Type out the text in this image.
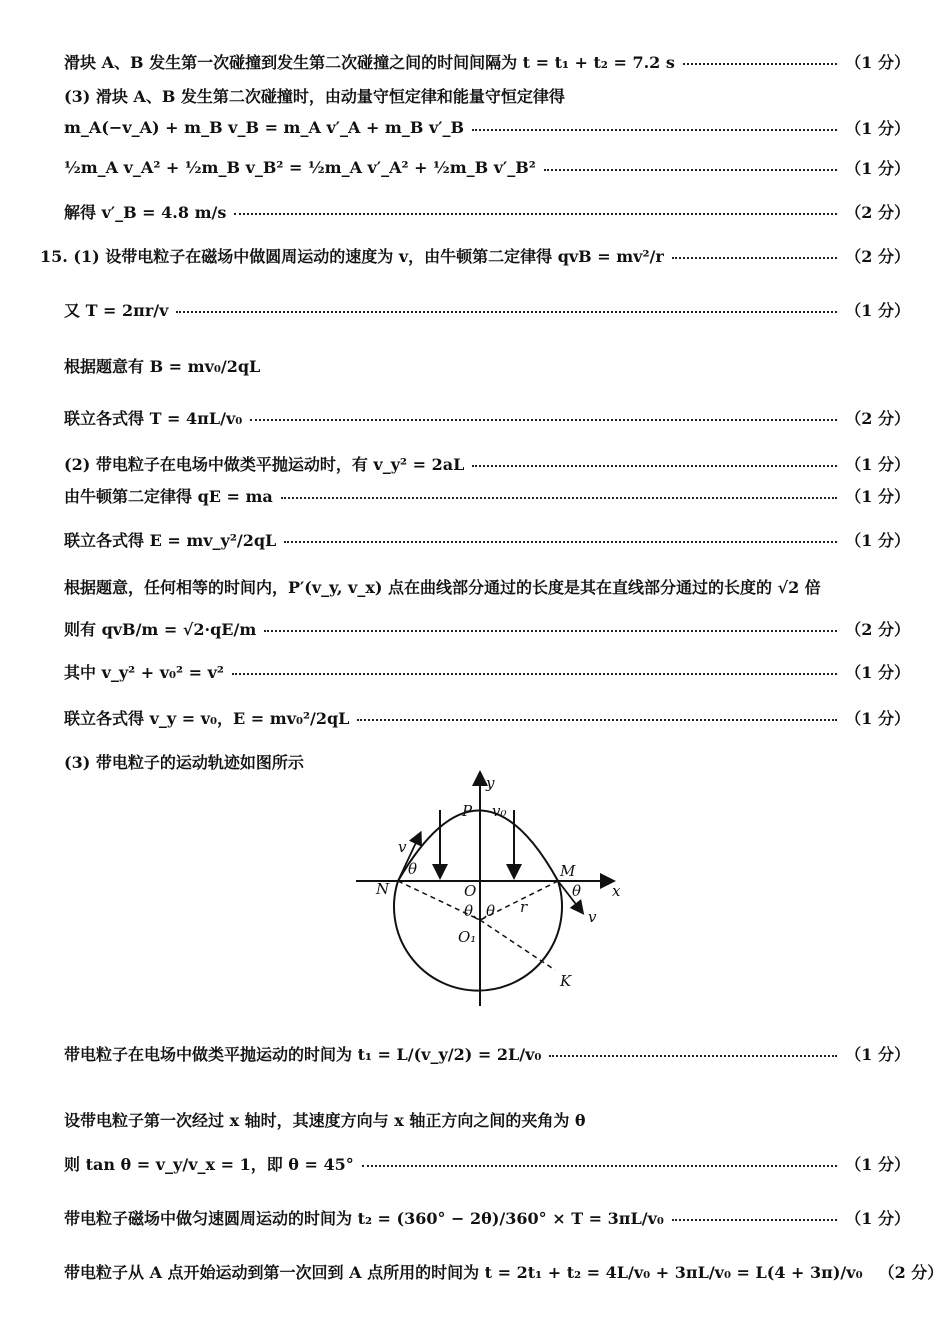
滑块 A、B 发生第一次碰撞到发生第二次碰撞之间的时间间隔为 t = t₁ + t₂ = 7.2 s	（1 分）
(3) 滑块 A、B 发生第二次碰撞时，由动量守恒定律和能量守恒定律得
m_A(−v_A) + m_B v_B = m_A v′_A + m_B v′_B	（1 分）
½m_A v_A² + ½m_B v_B² = ½m_A v′_A² + ½m_B v′_B²	（1 分）
解得 v′_B = 4.8 m/s	（2 分）
15. (1) 设带电粒子在磁场中做圆周运动的速度为 v，由牛顿第二定律得 qvB = mv²/r	（2 分）
又 T = 2πr/v	（1 分）
根据题意有 B = mv₀/2qL
联立各式得 T = 4πL/v₀	（2 分）
(2) 带电粒子在电场中做类平抛运动时，有 v_y² = 2aL	（1 分）
由牛顿第二定律得 qE = ma	（1 分）
联立各式得 E = mv_y²/2qL	（1 分）
根据题意，任何相等的时间内，P′(v_y, v_x) 点在曲线部分通过的长度是其在直线部分通过的长度的 √2 倍
则有 qvB/m = √2·qE/m	（2 分）
其中 v_y² + v₀² = v²	（1 分）
联立各式得 v_y = v₀，E = mv₀²/2qL	（1 分）
(3) 带电粒子的运动轨迹如图所示
y
x
P v₀
v
θ
N	O
M
θ
r
θ θ
O₁
K
v
带电粒子在电场中做类平抛运动的时间为 t₁ = L/(v_y/2) = 2L/v₀	（1 分）
设带电粒子第一次经过 x 轴时，其速度方向与 x 轴正方向之间的夹角为 θ
则 tan θ = v_y/v_x = 1，即 θ = 45°	（1 分）
带电粒子磁场中做匀速圆周运动的时间为 t₂ = (360° − 2θ)/360° × T = 3πL/v₀	（1 分）
带电粒子从 A 点开始运动到第一次回到 A 点所用的时间为 t = 2t₁ + t₂ = 4L/v₀ + 3πL/v₀ = L(4 + 3π)/v₀ （2 分）
